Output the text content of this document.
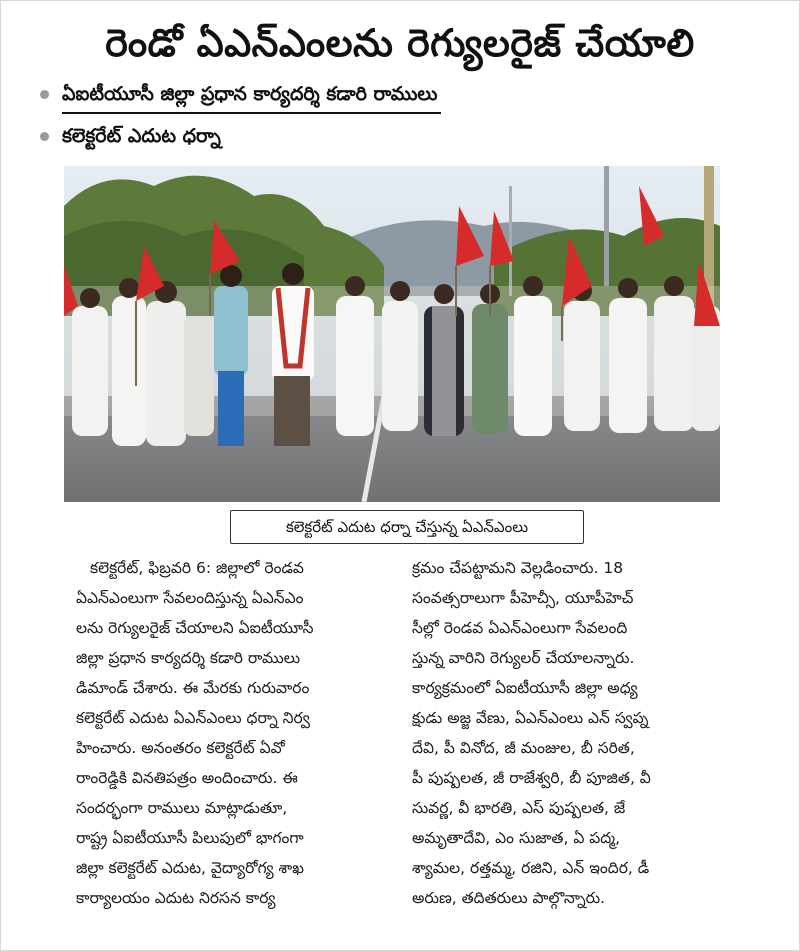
రెండో ఏఎన్ఎంలను రెగ్యులరైజ్ చేయాలి
ఏఐటీయూసీ జిల్లా ప్రధాన కార్యదర్శి కడారి రాములు
కలెక్టరేట్ ఎదుట ధర్నా
కలెక్టరేట్ ఎదుట ధర్నా చేస్తున్న ఏఎన్ఎంలు
కలెక్టరేట్, ఫిబ్రవరి 6: జిల్లాలో రెండవ
ఏఎన్ఎంలుగా సేవలందిస్తున్న ఏఎన్ఎం
లను రెగ్యులరైజ్ చేయాలని ఏఐటీయూసీ
జిల్లా ప్రధాన కార్యదర్శి కడారి రాములు
డిమాండ్ చేశారు. ఈ మేరకు గురువారం
కలెక్టరేట్ ఎదుట ఏఎన్ఎంలు ధర్నా నిర్వ
హించారు. అనంతరం కలెక్టరేట్ ఏవో
రాంరెడ్డికి వినతిపత్రం అందించారు. ఈ
సందర్భంగా రాములు మాట్లాడుతూ,
రాష్ట్ర ఏఐటీయూసీ పిలుపులో భాగంగా
జిల్లా కలెక్టరేట్ ఎదుట, వైద్యారోగ్య శాఖ
కార్యాలయం ఎదుట నిరసన కార్య
క్రమం చేపట్టామని వెల్లడించారు. 18
సంవత్సరాలుగా పీహెచ్సీ, యూపీహెచ్
సీల్లో రెండవ ఏఎన్ఎంలుగా సేవలంది
స్తున్న వారిని రెగ్యులర్ చేయాలన్నారు.
కార్యక్రమంలో ఏఐటీయూసీ జిల్లా అధ్య
క్షుడు అజ్జ వేణు, ఏఎన్ఎంలు ఎన్ స్వప్న
దేవి, పీ వినోద, జీ మంజుల, బీ సరిత,
పీ పుష్పలత, జీ రాజేశ్వరి, బీ పూజిత, వీ
సువర్ణ, వీ భారతి, ఎస్ పుష్పలత, జే
అమృతాదేవి, ఎం సుజాత, ఏ పద్మ,
శ్యామల, రత్తమ్మ, రజిని, ఎన్ ఇందిర, డీ
అరుణ, తదితరులు పాల్గొన్నారు.
